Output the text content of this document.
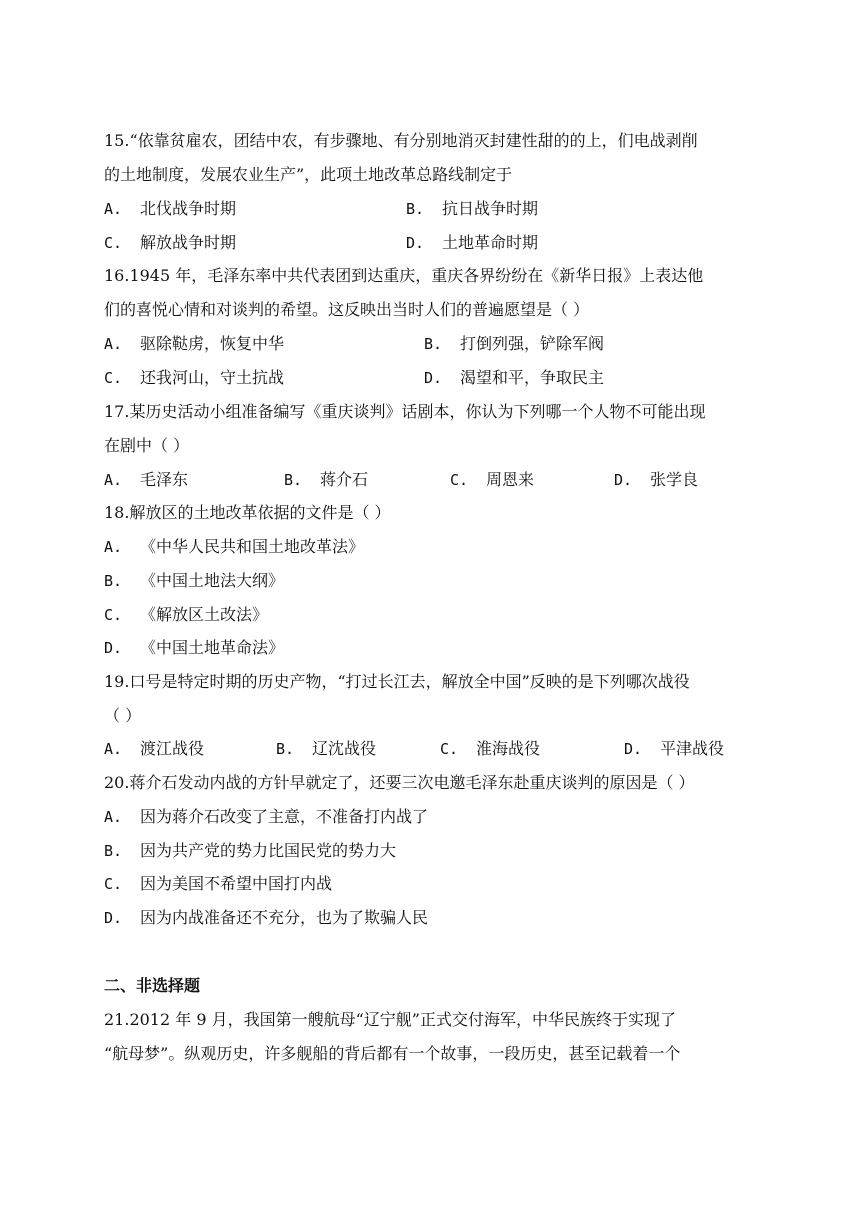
15.“依靠贫雇农，团结中农，有步骤地、有分别地消灭封建性甜的的上，们电战剥削
的土地制度，发展农业生产”，此项土地改革总路线制定于
A. 北伐战争时期	B. 抗日战争时期
C. 解放战争时期	D. 土地革命时期
16.1945 年，毛泽东率中共代表团到达重庆，重庆各界纷纷在《新华日报》上表达他
们的喜悦心情和对谈判的希望。这反映出当时人们的普遍愿望是（ ）
A. 驱除鞑虏，恢复中华	B. 打倒列强，铲除军阀
C. 还我河山，守土抗战	D. 渴望和平，争取民主
17.某历史活动小组准备编写《重庆谈判》话剧本，你认为下列哪一个人物不可能出现
在剧中（ ）
A. 毛泽东	B. 蒋介石	C. 周恩来	D. 张学良
18.解放区的土地改革依据的文件是（ ）
A. 《中华人民共和国土地改革法》
B. 《中国土地法大纲》
C. 《解放区土改法》
D. 《中国土地革命法》
19.口号是特定时期的历史产物，“打过长江去，解放全中国”反映的是下列哪次战役
（ ）
A. 渡江战役	B. 辽沈战役	C. 淮海战役	D. 平津战役
20.蒋介石发动内战的方针早就定了，还要三次电邀毛泽东赴重庆谈判的原因是（ ）
A. 因为蒋介石改变了主意，不准备打内战了
B. 因为共产党的势力比国民党的势力大
C. 因为美国不希望中国打内战
D. 因为内战准备还不充分，也为了欺骗人民
二、非选择题
21.2012 年 9 月，我国第一艘航母“辽宁舰”正式交付海军，中华民族终于实现了
“航母梦”。纵观历史，许多舰船的背后都有一个故事，一段历史，甚至记载着一个
